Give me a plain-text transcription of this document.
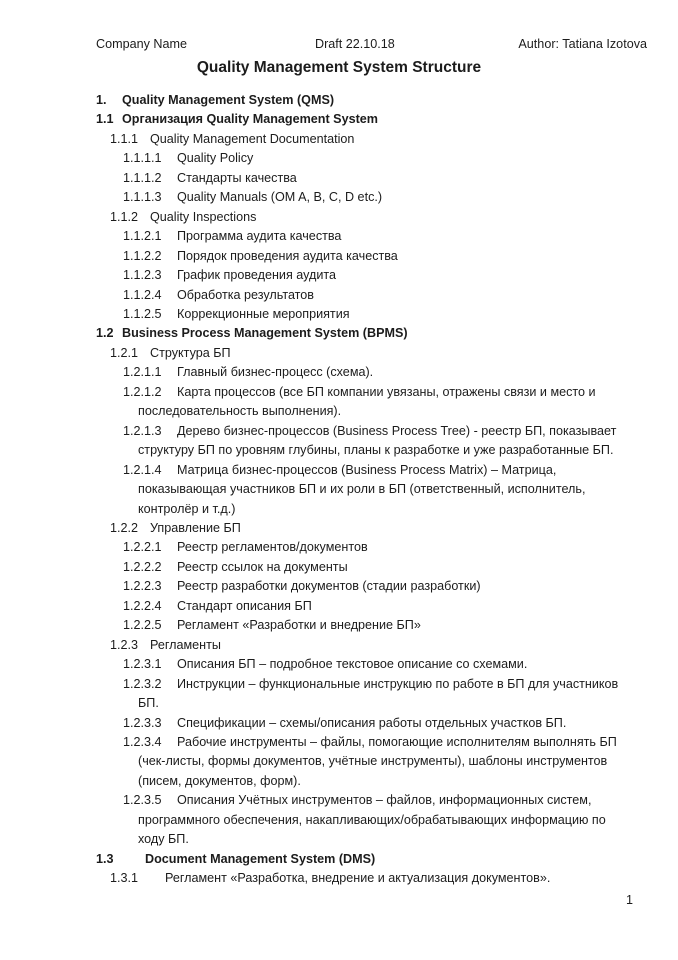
Company Name	Draft 22.10.18	Author: Tatiana Izotova
Quality Management System Structure
1. Quality Management System (QMS)
1.1 Организация Quality Management System
1.1.1 Quality Management Documentation
1.1.1.1 Quality Policy
1.1.1.2 Стандарты качества
1.1.1.3 Quality Manuals (OM A, B, C, D etc.)
1.1.2 Quality Inspections
1.1.2.1 Программа аудита качества
1.1.2.2 Порядок проведения аудита качества
1.1.2.3 График проведения аудита
1.1.2.4 Обработка результатов
1.1.2.5 Коррекционные мероприятия
1.2 Business Process Management System (BPMS)
1.2.1 Структура БП
1.2.1.1 Главный бизнес-процесс (схема).
1.2.1.2 Карта процессов (все БП компании увязаны, отражены связи и место и
последовательность выполнения).
1.2.1.3 Дерево бизнес-процессов (Business Process Tree) - реестр БП, показывает
структуру БП по уровням глубины, планы к разработке и уже разработанные БП.
1.2.1.4 Матрица бизнес-процессов (Business Process Matrix) – Матрица,
показывающая участников БП и их роли в БП (ответственный, исполнитель,
контролёр и т.д.)
1.2.2 Управление БП
1.2.2.1 Реестр регламентов/документов
1.2.2.2 Реестр ссылок на документы
1.2.2.3 Реестр разработки документов (стадии разработки)
1.2.2.4 Стандарт описания БП
1.2.2.5 Регламент «Разработки и внедрение БП»
1.2.3 Регламенты
1.2.3.1 Описания БП – подробное текстовое описание со схемами.
1.2.3.2 Инструкции – функциональные инструкцию по работе в БП для участников
БП.
1.2.3.3 Спецификации – схемы/описания работы отдельных участков БП.
1.2.3.4 Рабочие инструменты – файлы, помогающие исполнителям выполнять БП
(чек-листы, формы документов, учётные инструменты), шаблоны инструментов
(писем, документов, форм).
1.2.3.5 Описания Учётных инструментов – файлов, информационных систем,
программного обеспечения, накапливающих/обрабатывающих информацию по
ходу БП.
1.3 Document Management System (DMS)
1.3.1 Регламент «Разработка, внедрение и актуализация документов».
1
